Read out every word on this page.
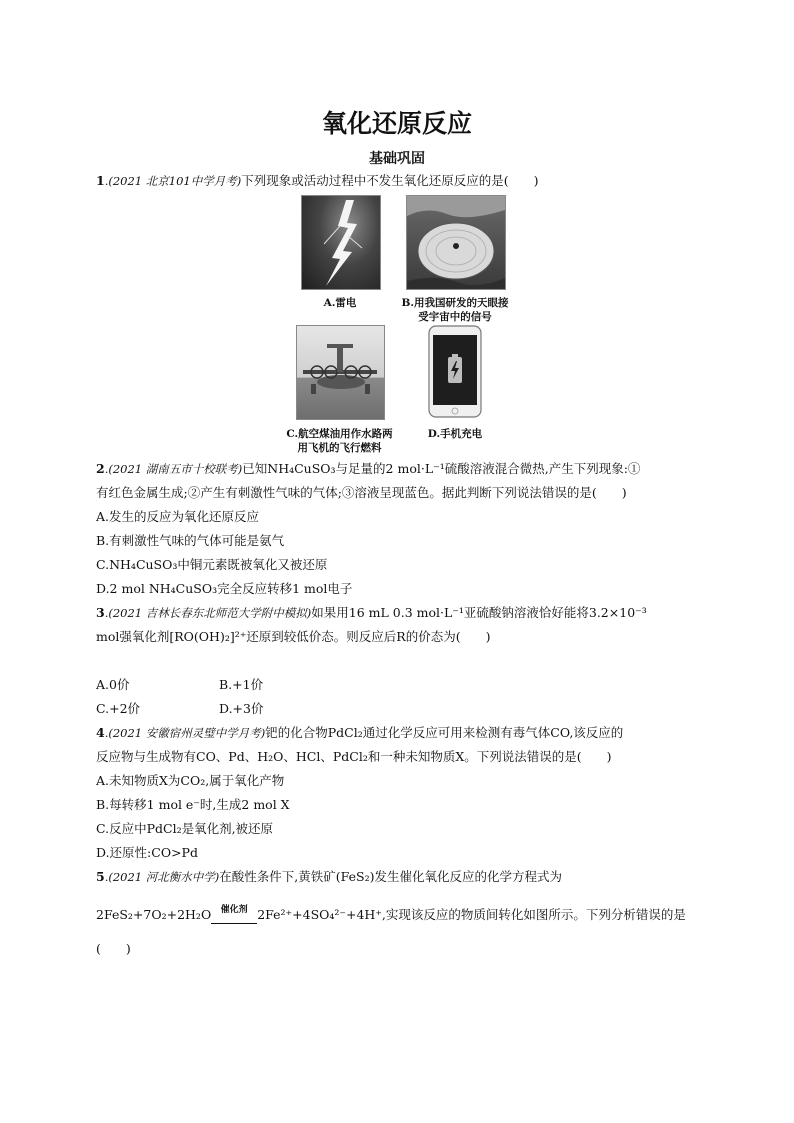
氧化还原反应
基础巩固
1.(2021 北京101中学月考)下列现象或活动过程中不发生氧化还原反应的是(　　)
A.雷电	B.用我国研发的天眼接
受宇宙中的信号
C.航空煤油用作水路两
用飞机的飞行燃料
D.手机充电
2.(2021 湖南五市十校联考)已知NH₄CuSO₃与足量的2 mol·L⁻¹硫酸溶液混合微热,产生下列现象:①
有红色金属生成;②产生有刺激性气味的气体;③溶液呈现蓝色。据此判断下列说法错误的是(　　)
A.发生的反应为氧化还原反应
B.有刺激性气味的气体可能是氨气
C.NH₄CuSO₃中铜元素既被氧化又被还原
D.2 mol NH₄CuSO₃完全反应转移1 mol电子
3.(2021 吉林长春东北师范大学附中模拟)如果用16 mL 0.3 mol·L⁻¹亚硫酸钠溶液恰好能将3.2×10⁻³
mol强氧化剂[RO(OH)₂]²⁺还原到较低价态。则反应后R的价态为(　　)
A.0价	B.+1价
C.+2价	D.+3价
4.(2021 安徽宿州灵璧中学月考)钯的化合物PdCl₂通过化学反应可用来检测有毒气体CO,该反应的
反应物与生成物有CO、Pd、H₂O、HCl、PdCl₂和一种未知物质X。下列说法错误的是(　　)
A.未知物质X为CO₂,属于氧化产物
B.每转移1 mol e⁻时,生成2 mol X
C.反应中PdCl₂是氧化剂,被还原
D.还原性:CO>Pd
5.(2021 河北衡水中学)在酸性条件下,黄铁矿(FeS₂)发生催化氧化反应的化学方程式为
2FeS₂+7O₂+2H₂O	催化剂 2Fe²⁺+4SO₄²⁻+4H⁺,实现该反应的物质间转化如图所示。下列分析错误的是
(　　)
